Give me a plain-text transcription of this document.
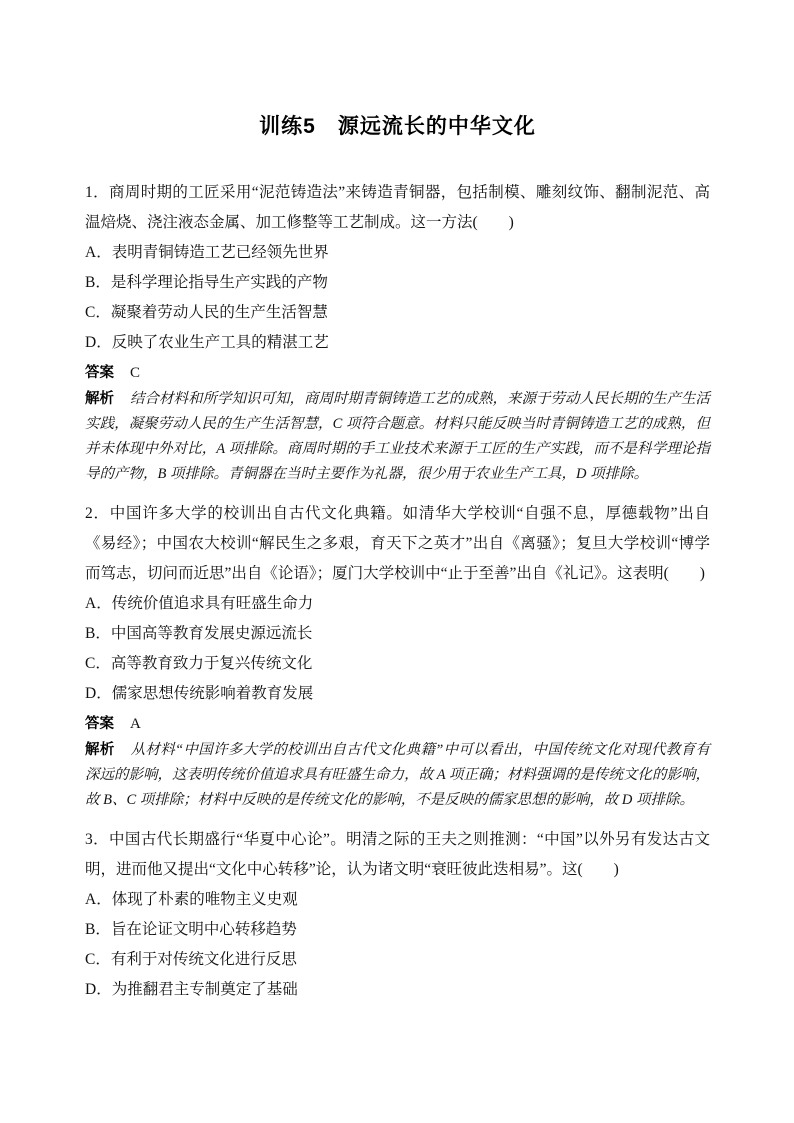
训练5　源远流长的中华文化

1．商周时期的工匠采用“泥范铸造法”来铸造青铜器，包括制模、雕刻纹饰、翻制泥范、高温焙烧、浇注液态金属、加工修整等工艺制成。这一方法(　　)

A．表明青铜铸造工艺已经领先世界

B．是科学理论指导生产实践的产物

C．凝聚着劳动人民的生产生活智慧

D．反映了农业生产工具的精湛工艺

答案 C

解析 结合材料和所学知识可知，商周时期青铜铸造工艺的成熟，来源于劳动人民长期的生产生活实践，凝聚劳动人民的生产生活智慧，C 项符合题意。材料只能反映当时青铜铸造工艺的成熟，但并未体现中外对比，A 项排除。商周时期的手工业技术来源于工匠的生产实践，而不是科学理论指导的产物，B 项排除。青铜器在当时主要作为礼器，很少用于农业生产工具，D 项排除。

2．中国许多大学的校训出自古代文化典籍。如清华大学校训“自强不息，厚德载物”出自《易经》；中国农大校训“解民生之多艰，育天下之英才”出自《离骚》；复旦大学校训“博学而笃志，切问而近思”出自《论语》；厦门大学校训中“止于至善”出自《礼记》。这表明(　　)

A．传统价值追求具有旺盛生命力

B．中国高等教育发展史源远流长

C．高等教育致力于复兴传统文化

D．儒家思想传统影响着教育发展

答案 A

解析 从材料“中国许多大学的校训出自古代文化典籍”中可以看出，中国传统文化对现代教育有深远的影响，这表明传统价值追求具有旺盛生命力，故 A 项正确；材料强调的是传统文化的影响，故 B、C 项排除；材料中反映的是传统文化的影响，不是反映的儒家思想的影响，故 D 项排除。

3．中国古代长期盛行“华夏中心论”。明清之际的王夫之则推测：“中国”以外另有发达古文明，进而他又提出“文化中心转移”论，认为诸文明“衰旺彼此迭相易”。这(　　)

A．体现了朴素的唯物主义史观

B．旨在论证文明中心转移趋势

C．有利于对传统文化进行反思

D．为推翻君主专制奠定了基础
